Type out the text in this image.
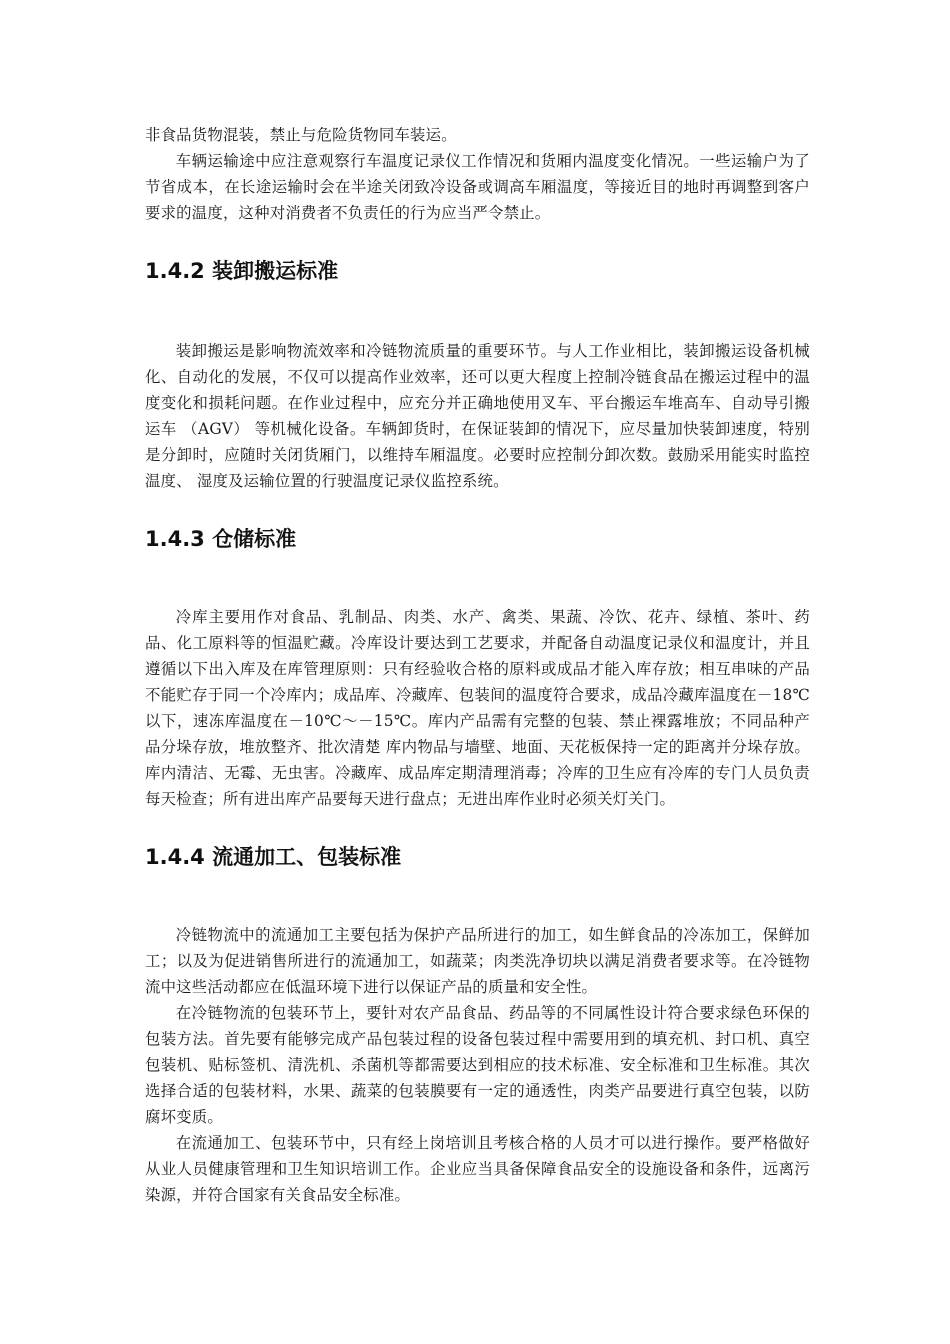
非食品货物混装，禁止与危险货物同车装运。

车辆运输途中应注意观察行车温度记录仪工作情况和货厢内温度变化情况。一些运输户为了节省成本，在长途运输时会在半途关闭致冷设备或调高车厢温度，等接近目的地时再调整到客户要求的温度，这种对消费者不负责任的行为应当严令禁止。

1.4.2 装卸搬运标准

装卸搬运是影响物流效率和冷链物流质量的重要环节。与人工作业相比，装卸搬运设备机械化、自动化的发展，不仅可以提高作业效率，还可以更大程度上控制冷链食品在搬运过程中的温度变化和损耗问题。在作业过程中，应充分并正确地使用叉车、平台搬运车堆高车、自动导引搬运车 （AGV） 等机械化设备。车辆卸货时，在保证装卸的情况下，应尽量加快装卸速度，特别是分卸时，应随时关闭货厢门，以维持车厢温度。必要时应控制分卸次数。鼓励采用能实时监控温度、 湿度及运输位置的行驶温度记录仪监控系统。

1.4.3 仓储标准

冷库主要用作对食品、乳制品、肉类、水产、禽类、果蔬、冷饮、花卉、绿植、茶叶、药品、化工原料等的恒温贮藏。冷库设计要达到工艺要求，并配备自动温度记录仪和温度计，并且遵循以下出入库及在库管理原则：只有经验收合格的原料或成品才能入库存放；相互串味的产品不能贮存于同一个冷库内；成品库、冷藏库、包装间的温度符合要求，成品冷藏库温度在－18℃以下，速冻库温度在－10℃～－15℃。库内产品需有完整的包装、禁止裸露堆放；不同品种产品分垛存放，堆放整齐、批次清楚 库内物品与墙壁、地面、天花板保持一定的距离并分垛存放。库内清洁、无霉、无虫害。冷藏库、成品库定期清理消毒；冷库的卫生应有冷库的专门人员负责每天检查；所有进出库产品要每天进行盘点；无进出库作业时必须关灯关门。

1.4.4 流通加工、包装标准

冷链物流中的流通加工主要包括为保护产品所进行的加工，如生鲜食品的冷冻加工，保鲜加工；以及为促进销售所进行的流通加工，如蔬菜；肉类洗净切块以满足消费者要求等。在冷链物流中这些活动都应在低温环境下进行以保证产品的质量和安全性。

在冷链物流的包装环节上，要针对农产品食品、药品等的不同属性设计符合要求绿色环保的包装方法。首先要有能够完成产品包装过程的设备包装过程中需要用到的填充机、封口机、真空包装机、贴标签机、清洗机、杀菌机等都需要达到相应的技术标准、安全标准和卫生标准。其次选择合适的包装材料，水果、蔬菜的包装膜要有一定的通透性，肉类产品要进行真空包装，以防腐坏变质。

在流通加工、包装环节中，只有经上岗培训且考核合格的人员才可以进行操作。要严格做好从业人员健康管理和卫生知识培训工作。企业应当具备保障食品安全的设施设备和条件，远离污染源，并符合国家有关食品安全标准。
